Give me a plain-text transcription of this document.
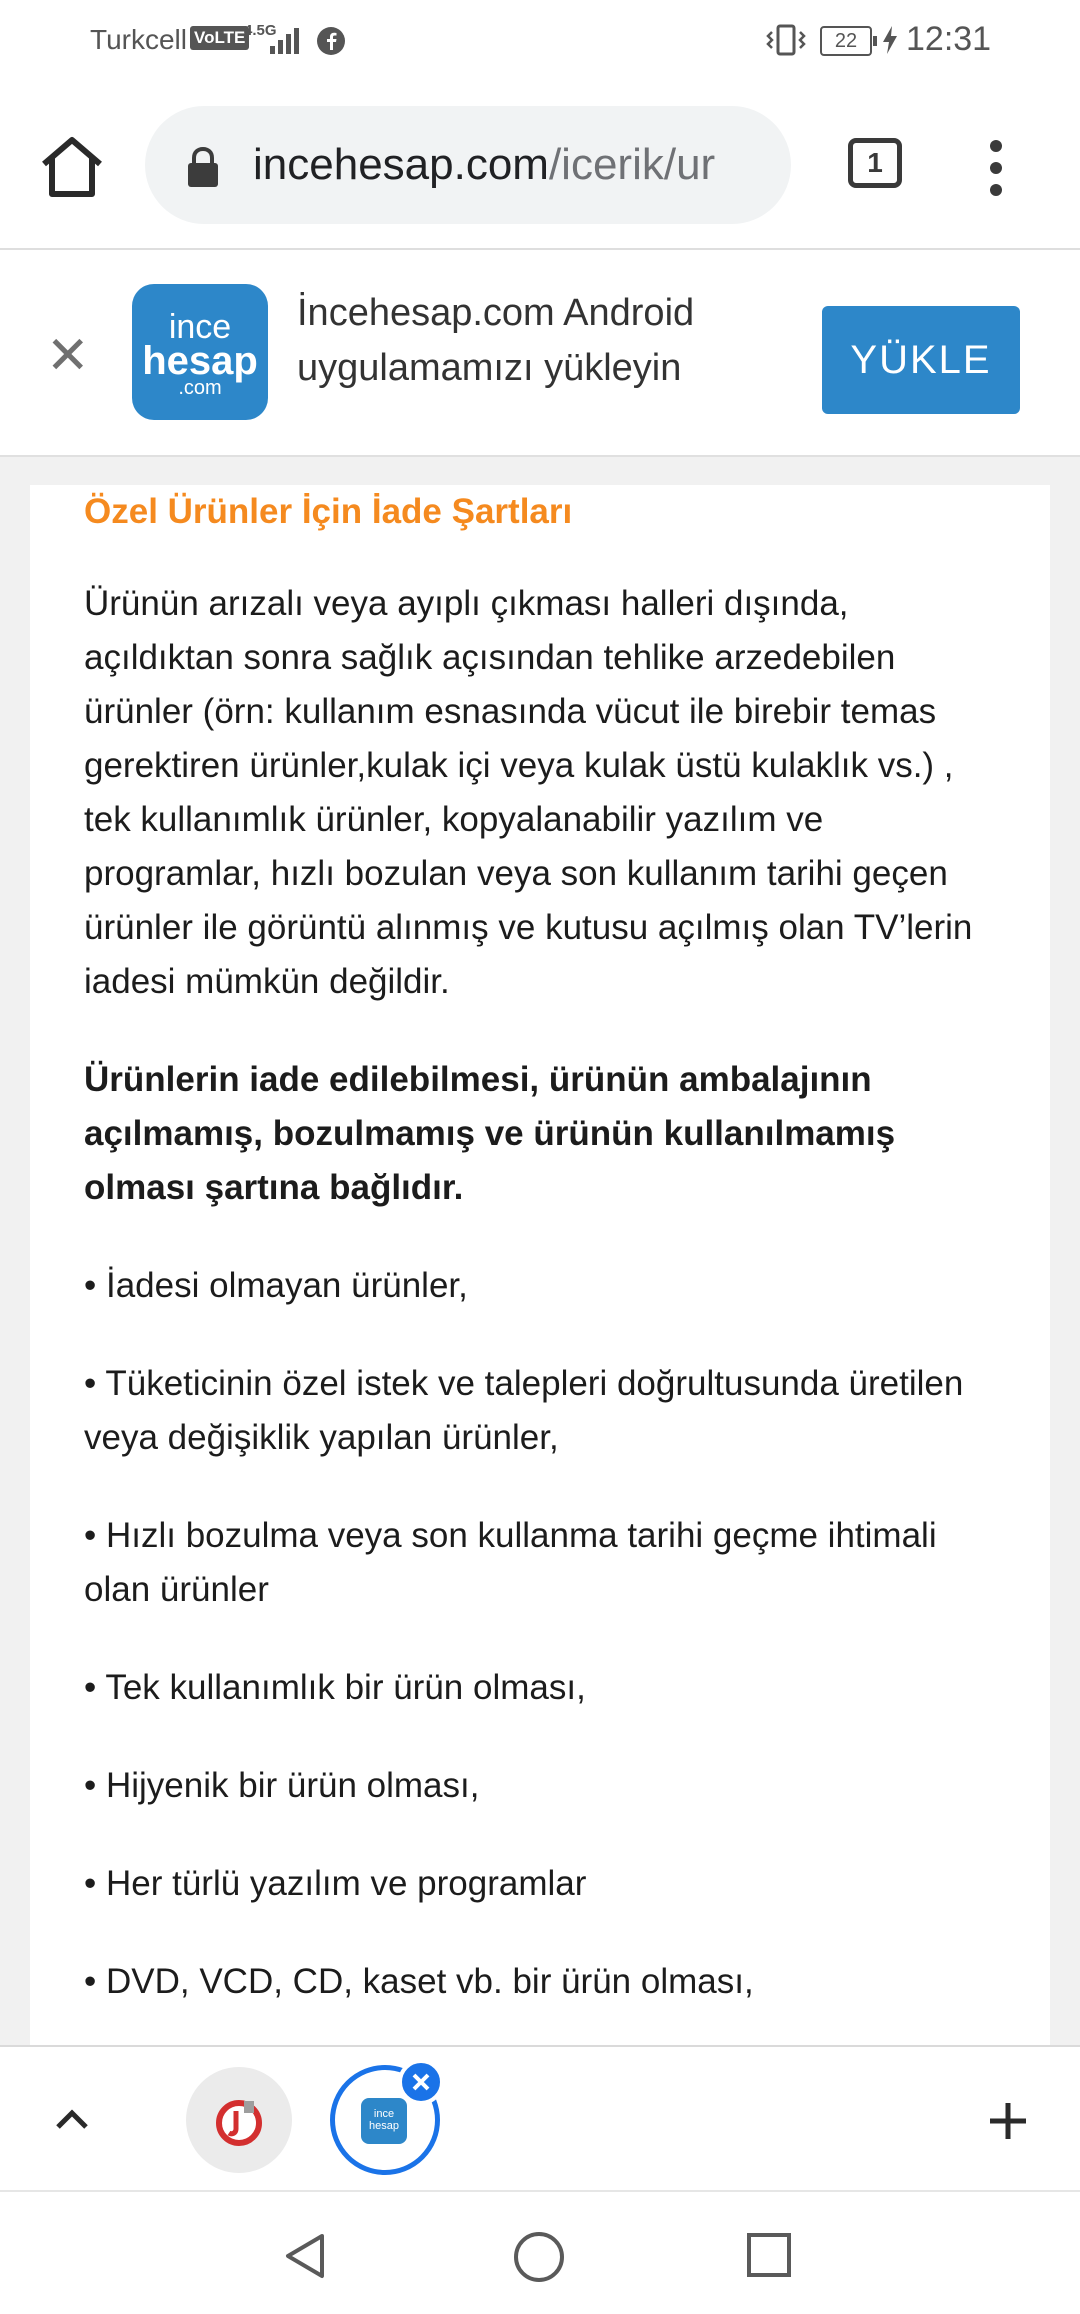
Turkcell VoLTE
4.5G	22	12:31
incehesap.com/icerik/ur	1
✕	ince
hesap
.com
İncehesap.com Android
uygulamamızı yükleyin	YÜKLE
Özel Ürünler İçin İade Şartları

Ürünün arızalı veya ayıplı çıkması halleri dışında, açıldıktan sonra sağlık açısından tehlike arzedebilen ürünler (örn: kullanım esnasında vücut ile birebir temas gerektiren ürünler,kulak içi veya kulak üstü kulaklık vs.) , tek kullanımlık ürünler, kopyalanabilir yazılım ve programlar, hızlı bozulan veya son kullanım tarihi geçen ürünler ile görüntü alınmış ve kutusu açılmış olan TV’lerin iadesi mümkün değildir.

Ürünlerin iade edilebilmesi, ürünün ambalajının açılmamış, bozulmamış ve ürünün kullanılmamış olması şartına bağlıdır.

• İadesi olmayan ürünler,

• Tüketicinin özel istek ve talepleri doğrultusunda üretilen veya değişiklik yapılan ürünler,

• Hızlı bozulma veya son kullanma tarihi geçme ihtimali olan ürünler

• Tek kullanımlık bir ürün olması,

• Hijyenik bir ürün olması,

• Her türlü yazılım ve programlar

• DVD, VCD, CD, kaset vb. bir ürün olması,

ince
hesap
